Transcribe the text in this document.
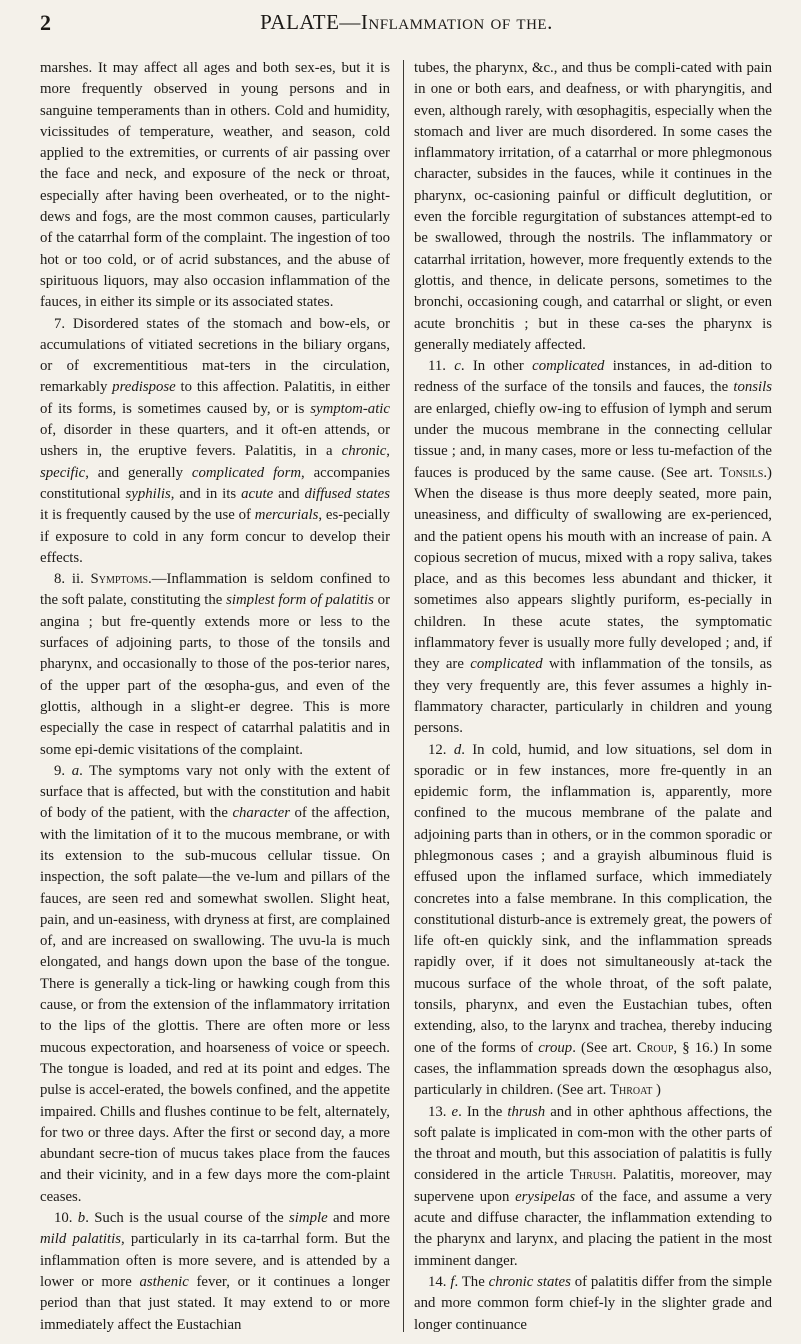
2	PALATE—Inflammation of the.

marshes. It may affect all ages and both sex-es, but it is more frequently observed in young persons and in sanguine temperaments than in others. Cold and humidity, vicissitudes of temperature, weather, and season, cold applied to the extremities, or currents of air passing over the face and neck, and exposure of the neck or throat, especially after having been overheated, or to the night-dews and fogs, are the most common causes, particularly of the catarrhal form of the complaint. The ingestion of too hot or too cold, or of acrid substances, and the abuse of spirituous liquors, may also occasion inflammation of the fauces, in either its simple or its associated states.

7. Disordered states of the stomach and bow-els, or accumulations of vitiated secretions in the biliary organs, or of excrementitious mat-ters in the circulation, remarkably predispose to this affection. Palatitis, in either of its forms, is sometimes caused by, or is symptom-atic of, disorder in these quarters, and it oft-en attends, or ushers in, the eruptive fevers. Palatitis, in a chronic, specific, and generally complicated form, accompanies constitutional syphilis, and in its acute and diffused states it is frequently caused by the use of mercurials, es-pecially if exposure to cold in any form concur to develop their effects.

8. ii. Symptoms.—Inflammation is seldom confined to the soft palate, constituting the simplest form of palatitis or angina ; but fre-quently extends more or less to the surfaces of adjoining parts, to those of the tonsils and pharynx, and occasionally to those of the pos-terior nares, of the upper part of the œsopha-gus, and even of the glottis, although in a slight-er degree. This is more especially the case in respect of catarrhal palatitis and in some epi-demic visitations of the complaint.

9. a. The symptoms vary not only with the extent of surface that is affected, but with the constitution and habit of body of the patient, with the character of the affection, with the limitation of it to the mucous membrane, or with its extension to the sub-mucous cellular tissue. On inspection, the soft palate—the ve-lum and pillars of the fauces, are seen red and somewhat swollen. Slight heat, pain, and un-easiness, with dryness at first, are complained of, and are increased on swallowing. The uvu-la is much elongated, and hangs down upon the base of the tongue. There is generally a tick-ling or hawking cough from this cause, or from the extension of the inflammatory irritation to the lips of the glottis. There are often more or less mucous expectoration, and hoarseness of voice or speech. The tongue is loaded, and red at its point and edges. The pulse is accel-erated, the bowels confined, and the appetite impaired. Chills and flushes continue to be felt, alternately, for two or three days. After the first or second day, a more abundant secre-tion of mucus takes place from the fauces and their vicinity, and in a few days more the com-plaint ceases.

10. b. Such is the usual course of the simple and more mild palatitis, particularly in its ca-tarrhal form. But the inflammation often is more severe, and is attended by a lower or more asthenic fever, or it continues a longer period than that just stated. It may extend to or more immediately affect the Eustachian

tubes, the pharynx, &c., and thus be compli-cated with pain in one or both ears, and deafness, or with pharyngitis, and even, although rarely, with œsophagitis, especially when the stomach and liver are much disordered. In some cases the inflammatory irritation, of a catarrhal or more phlegmonous character, subsides in the fauces, while it continues in the pharynx, oc-casioning painful or difficult deglutition, or even the forcible regurgitation of substances attempt-ed to be swallowed, through the nostrils. The inflammatory or catarrhal irritation, however, more frequently extends to the glottis, and thence, in delicate persons, sometimes to the bronchi, occasioning cough, and catarrhal or slight, or even acute bronchitis ; but in these ca-ses the pharynx is generally mediately affected.

11. c. In other complicated instances, in ad-dition to redness of the surface of the tonsils and fauces, the tonsils are enlarged, chiefly ow-ing to effusion of lymph and serum under the mucous membrane in the connecting cellular tissue ; and, in many cases, more or less tu-mefaction of the fauces is produced by the same cause. (See art. Tonsils.) When the disease is thus more deeply seated, more pain, uneasiness, and difficulty of swallowing are ex-perienced, and the patient opens his mouth with an increase of pain. A copious secretion of mucus, mixed with a ropy saliva, takes place, and as this becomes less abundant and thicker, it sometimes also appears slightly puriform, es-pecially in children. In these acute states, the symptomatic inflammatory fever is usually more fully developed ; and, if they are complicated with inflammation of the tonsils, as they very frequently are, this fever assumes a highly in-flammatory character, particularly in children and young persons.

12. d. In cold, humid, and low situations, sel dom in sporadic or in few instances, more fre-quently in an epidemic form, the inflammation is, apparently, more confined to the mucous membrane of the palate and adjoining parts than in others, or in the common sporadic or phlegmonous cases ; and a grayish albuminous fluid is effused upon the inflamed surface, which immediately concretes into a false membrane. In this complication, the constitutional disturb-ance is extremely great, the powers of life oft-en quickly sink, and the inflammation spreads rapidly over, if it does not simultaneously at-tack the mucous surface of the whole throat, of the soft palate, tonsils, pharynx, and even the Eustachian tubes, often extending, also, to the larynx and trachea, thereby inducing one of the forms of croup. (See art. Croup, § 16.) In some cases, the inflammation spreads down the œsophagus also, particularly in children. (See art. Throat )

13. e. In the thrush and in other aphthous affections, the soft palate is implicated in com-mon with the other parts of the throat and mouth, but this association of palatitis is fully considered in the article Thrush. Palatitis, moreover, may supervene upon erysipelas of the face, and assume a very acute and diffuse character, the inflammation extending to the pharynx and larynx, and placing the patient in the most imminent danger.

14. f. The chronic states of palatitis differ from the simple and more common form chief-ly in the slighter grade and longer continuance
